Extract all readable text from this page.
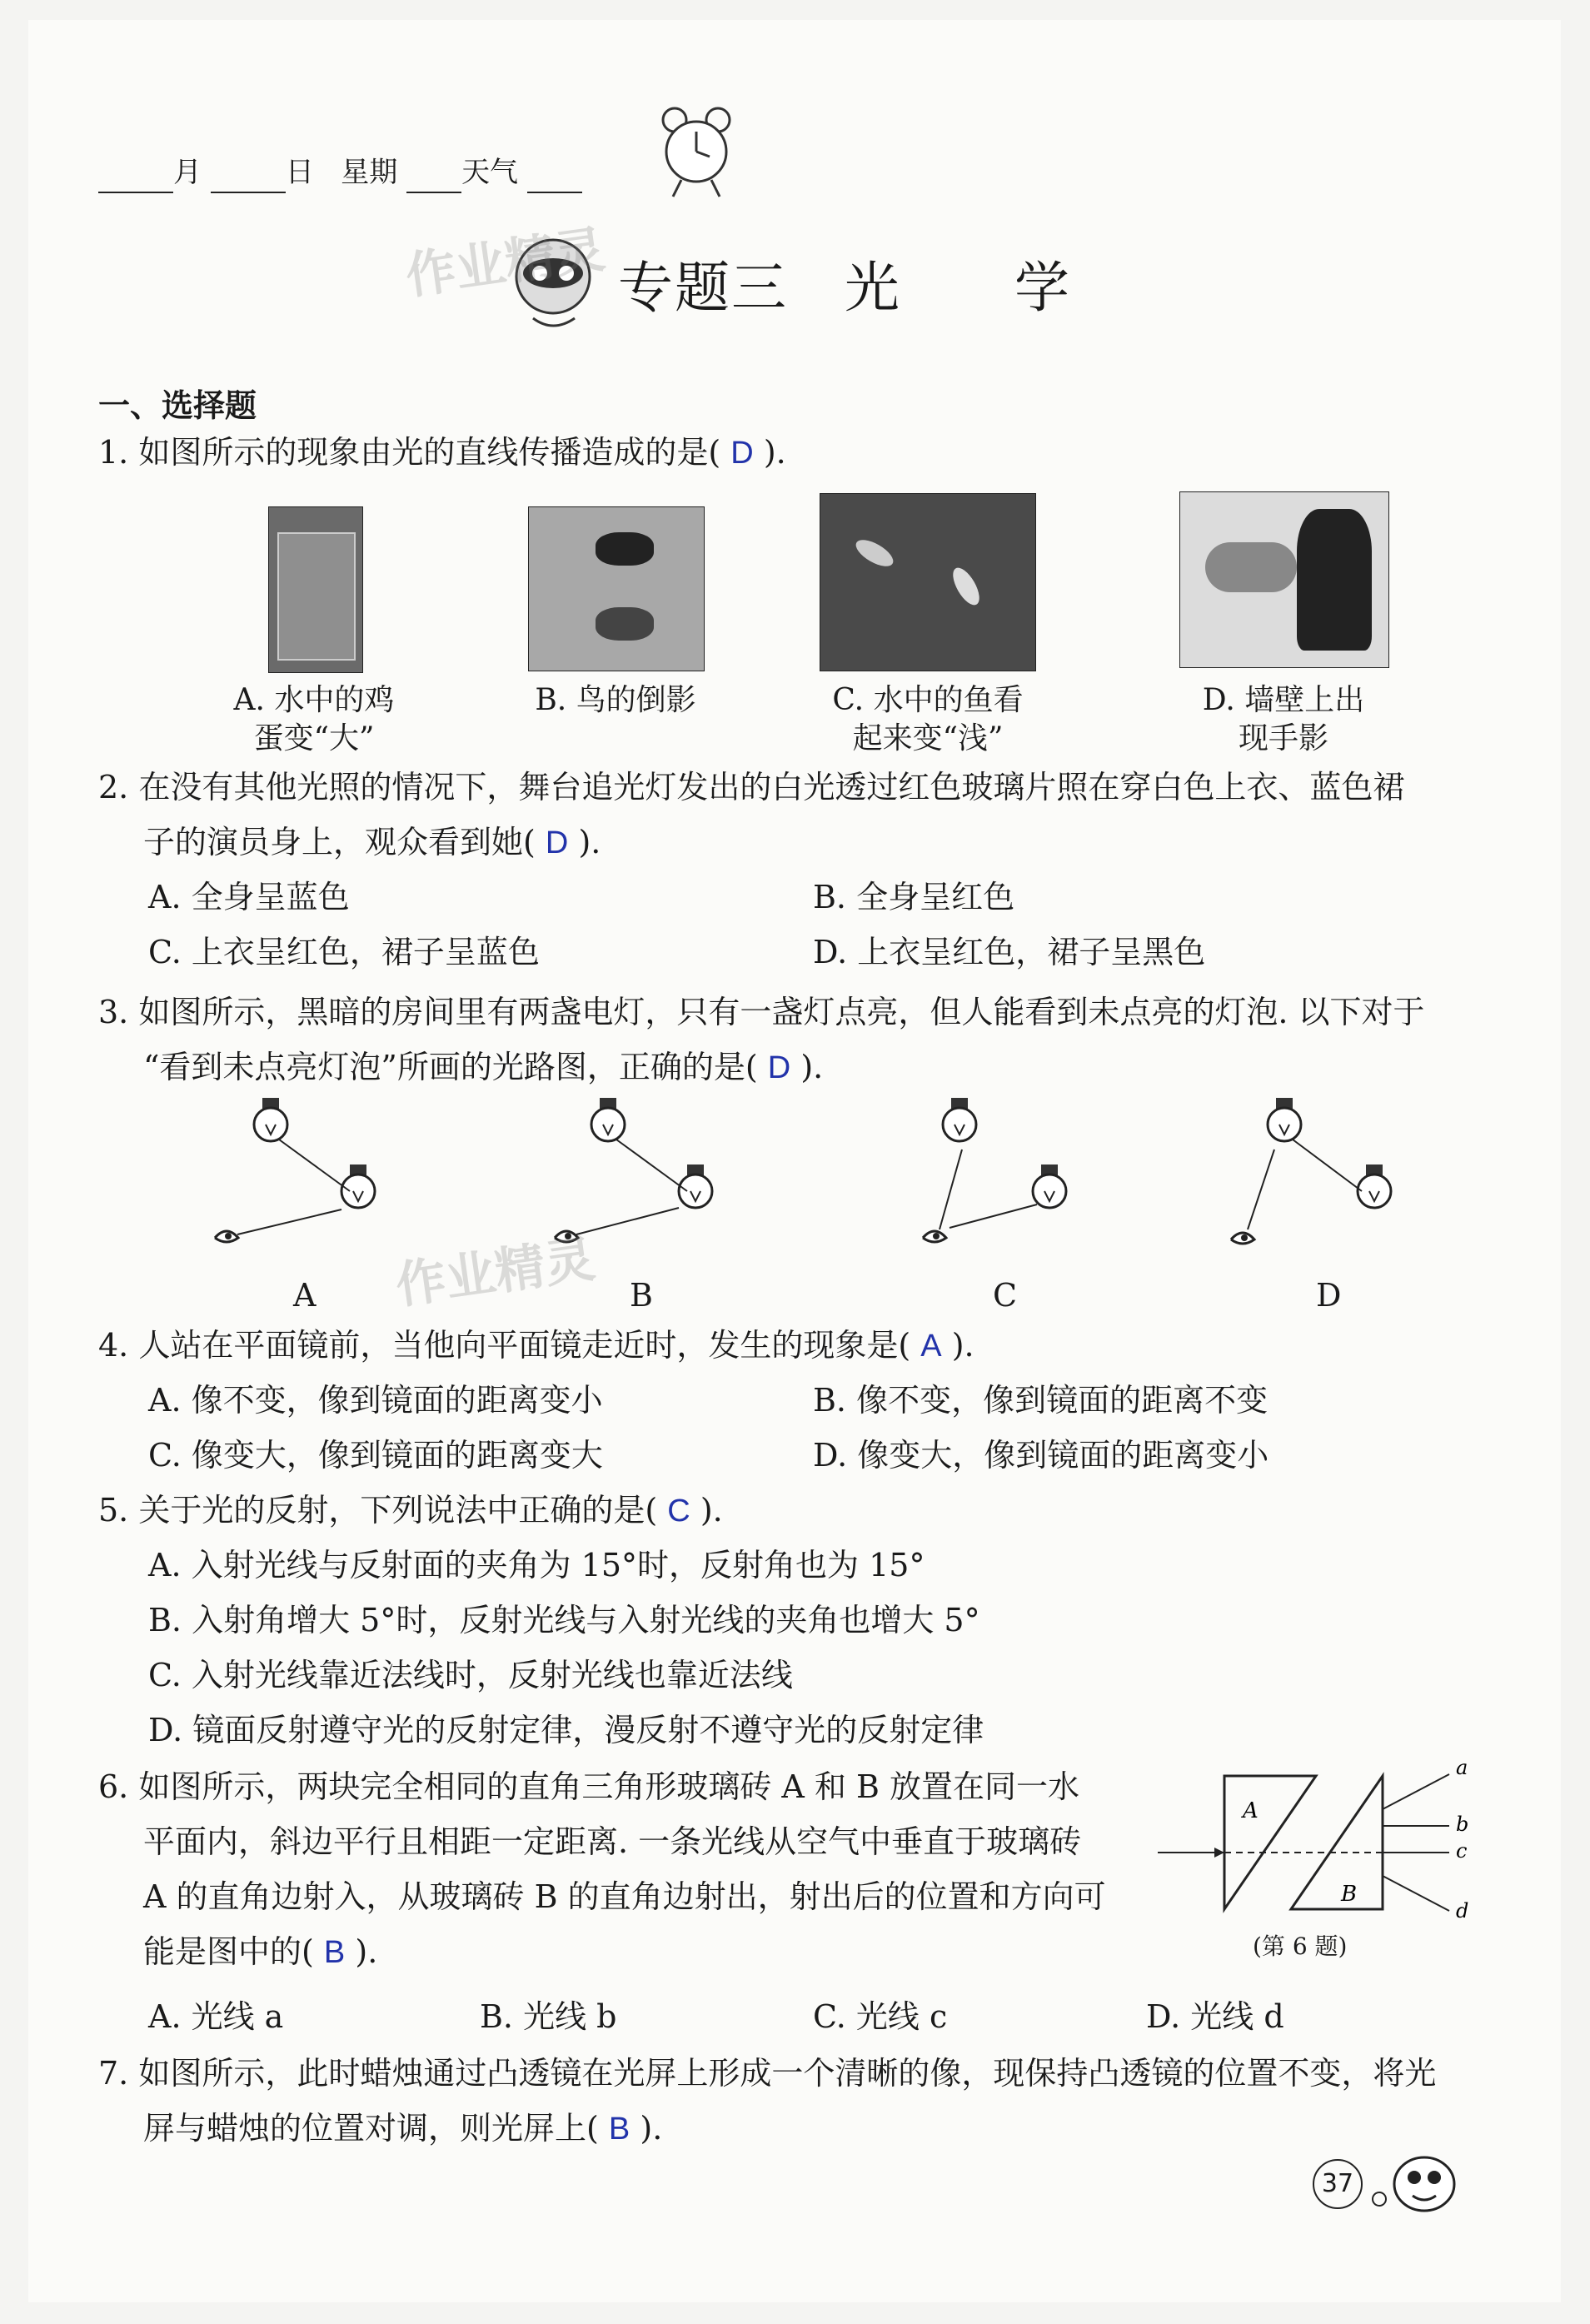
月	日 星期 天气
作业精灵 专题三　光　　学
一、选择题
1. 如图所示的现象由光的直线传播造成的是( D ).
A. 水中的鸡
蛋变“大”
B. 鸟的倒影	C. 水中的鱼看
起来变“浅”
D. 墙壁上出
现手影
2. 在没有其他光照的情况下，舞台追光灯发出的白光透过红色玻璃片照在穿白色上衣、蓝色裙
子的演员身上，观众看到她( D ).
A. 全身呈蓝色	B. 全身呈红色
C. 上衣呈红色，裙子呈蓝色	D. 上衣呈红色，裙子呈黑色
3. 如图所示，黑暗的房间里有两盏电灯，只有一盏灯点亮，但人能看到未点亮的灯泡. 以下对于
“看到未点亮灯泡”所画的光路图，正确的是( D ).
作业精灵
A	B	C	D
4. 人站在平面镜前，当他向平面镜走近时，发生的现象是( A ).
A. 像不变，像到镜面的距离变小	B. 像不变，像到镜面的距离不变
C. 像变大，像到镜面的距离变大	D. 像变大，像到镜面的距离变小
5. 关于光的反射，下列说法中正确的是( C ).
A. 入射光线与反射面的夹角为 15°时，反射角也为 15°
B. 入射角增大 5°时，反射光线与入射光线的夹角也增大 5°
C. 入射光线靠近法线时，反射光线也靠近法线
D. 镜面反射遵守光的反射定律，漫反射不遵守光的反射定律
6. 如图所示，两块完全相同的直角三角形玻璃砖 A 和 B 放置在同一水
平面内，斜边平行且相距一定距离. 一条光线从空气中垂直于玻璃砖
A 的直角边射入，从玻璃砖 B 的直角边射出，射出后的位置和方向可
能是图中的( B ).
A
B
a
b
c
d
(第 6 题)
A. 光线 a	B. 光线 b	C. 光线 c	D. 光线 d
7. 如图所示，此时蜡烛通过凸透镜在光屏上形成一个清晰的像，现保持凸透镜的位置不变，将光
屏与蜡烛的位置对调，则光屏上( B ).
37
